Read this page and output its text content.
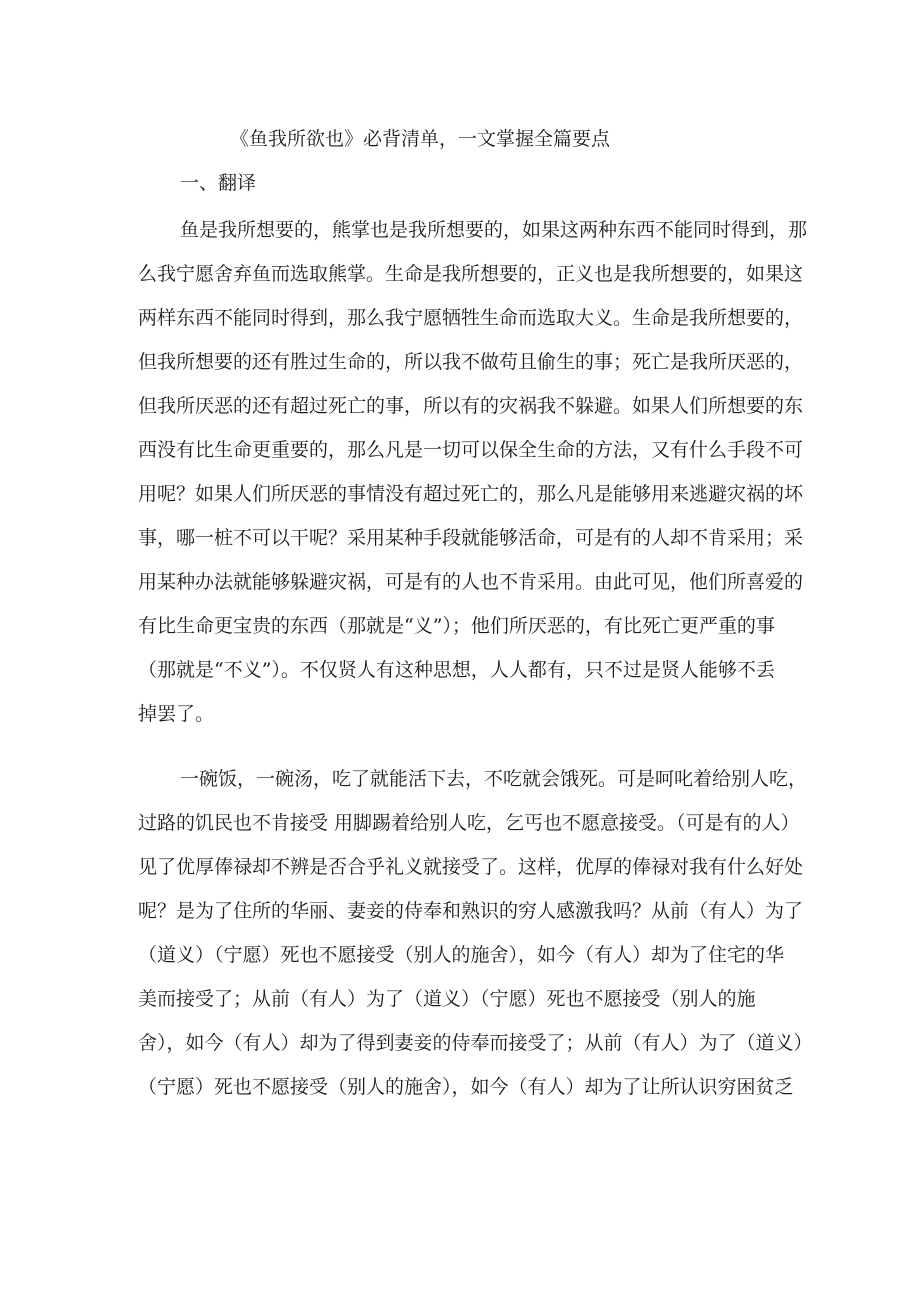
《鱼我所欲也》必背清单，一文掌握全篇要点
一、翻译

鱼是我所想要的，熊掌也是我所想要的，如果这两种东西不能同时得到，那

么我宁愿舍弃鱼而选取熊掌。生命是我所想要的，正义也是我所想要的，如果这

两样东西不能同时得到，那么我宁愿牺牲生命而选取大义。生命是我所想要的，

但我所想要的还有胜过生命的，所以我不做苟且偷生的事；死亡是我所厌恶的，

但我所厌恶的还有超过死亡的事，所以有的灾祸我不躲避。如果人们所想要的东

西没有比生命更重要的，那么凡是一切可以保全生命的方法，又有什么手段不可

用呢？如果人们所厌恶的事情没有超过死亡的，那么凡是能够用来逃避灾祸的坏

事，哪一桩不可以干呢？采用某种手段就能够活命，可是有的人却不肯采用；采

用某种办法就能够躲避灾祸，可是有的人也不肯采用。由此可见，他们所喜爱的

有比生命更宝贵的东西（那就是“义”）；他们所厌恶的，有比死亡更严重的事

（那就是“不义”）。不仅贤人有这种思想，人人都有，只不过是贤人能够不丢

掉罢了。

一碗饭，一碗汤，吃了就能活下去，不吃就会饿死。可是呵叱着给别人吃，

过路的饥民也不肯接受 用脚踢着给别人吃，乞丐也不愿意接受。（可是有的人）

见了优厚俸禄却不辨是否合乎礼义就接受了。这样，优厚的俸禄对我有什么好处

呢？是为了住所的华丽、妻妾的侍奉和熟识的穷人感激我吗？从前（有人）为了

（道义）（宁愿）死也不愿接受（别人的施舍），如今（有人）却为了住宅的华

美而接受了；从前（有人）为了（道义）（宁愿）死也不愿接受（别人的施

舍），如今（有人）却为了得到妻妾的侍奉而接受了；从前（有人）为了（道义）

（宁愿）死也不愿接受（别人的施舍），如今（有人）却为了让所认识穷困贫乏
